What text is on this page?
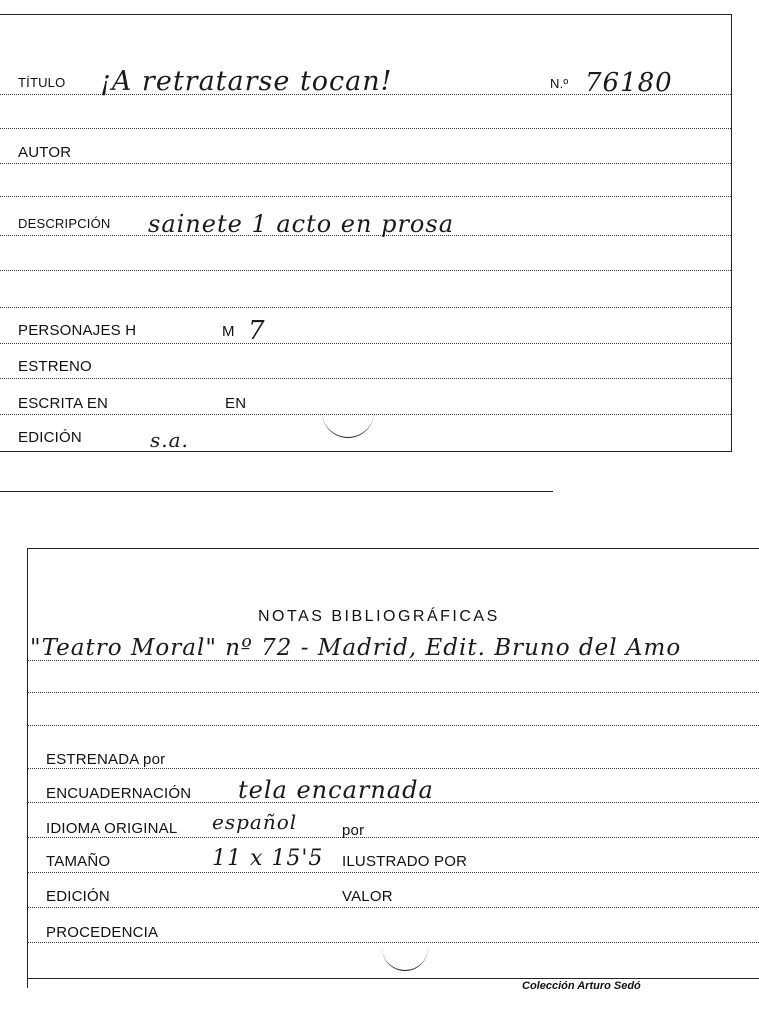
TÍTULO ¡A retratarse tocan!	N.º 76180
AUTOR
DESCRIPCIÓN sainete 1 acto en prosa
PERSONAJES H	M 7
ESTRENO
ESCRITA EN	EN
EDICIÓN	s.a.
NOTAS BIBLIOGRÁFICAS
"Teatro Moral" nº 72 - Madrid, Edit. Bruno del Amo
ESTRENADA por
ENCUADERNACIÓN tela encarnada
IDIOMA ORIGINAL español	por
TAMAÑO	11 x 15'5 ILUSTRADO POR
EDICIÓN	VALOR
PROCEDENCIA
Colección Arturo Sedó
